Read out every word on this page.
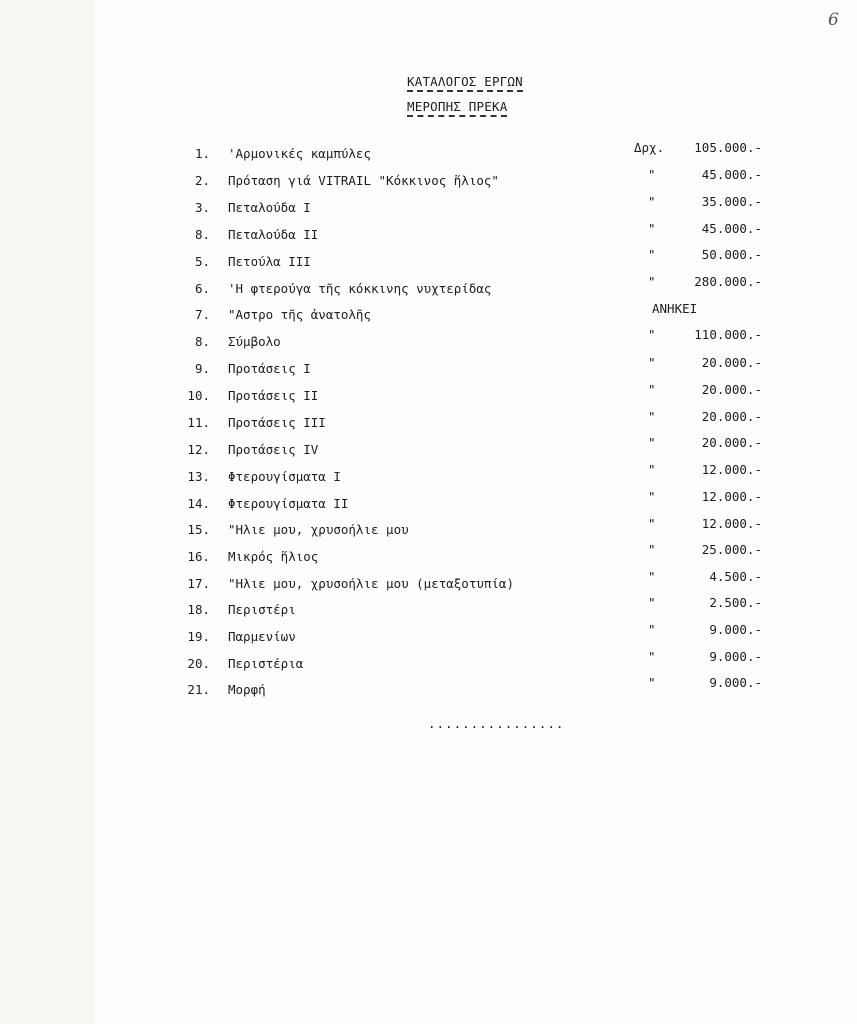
6
ΚΑΤΑΛΟΓΟΣ ΕΡΓΩΝ
ΜΕΡΟΠΗΣ ΠΡΕΚΑ
1. 'Αρμονικές καμπύλες	Δρχ. 105.000.-
2. Πρόταση γιά VITRAIL "Κόκκινος ἥλιος"	"	45.000.-
3. Πεταλούδα I	"	35.000.-
8. Πεταλούδα II	"	45.000.-
5. Πετούλα III	"	50.000.-
6. 'Η φτερούγα τῆς κόκκινης νυχτερίδας	"	280.000.-
7. "Αστρο τῆς ἀνατολῆς	ΑΝΗΚΕΙ
8. Σύμβολο	"	110.000.-
9. Προτάσεις I	"	20.000.-
10. Προτάσεις II	"	20.000.-
11. Προτάσεις III	"	20.000.-
12. Προτάσεις IV	"	20.000.-
13. Φτερουγίσματα I	"	12.000.-
14. Φτερουγίσματα II	"	12.000.-
15. "Ηλιε μου, χρυσοήλιε μου	"	12.000.-
16. Μικρός ἥλιος	"	25.000.-
17. "Ηλιε μου, χρυσοήλιε μου (μεταξοτυπία)	"	4.500.-
18. Περιστέρι	"	2.500.-
19. Παρμενίων	"	9.000.-
20. Περιστέρια	"	9.000.-
21. Μορφή	"	9.000.-
................
